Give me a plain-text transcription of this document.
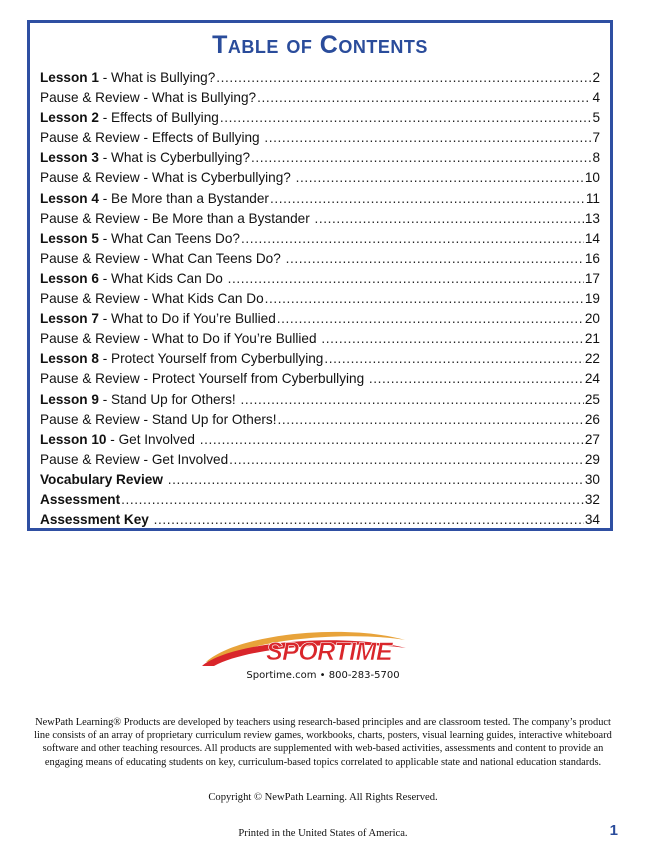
Table of Contents
Lesson 1 - What is Bullying? .....	2
Pause & Review - What is Bullying? .....	4
Lesson 2 - Effects of Bullying .....	5
Pause & Review - Effects of Bullying .....	7
Lesson 3 - What is Cyberbullying? .....	8
Pause & Review - What is Cyberbullying? .....	10
Lesson 4 - Be More than a Bystander .....	11
Pause & Review - Be More than a Bystander .....	13
Lesson 5 - What Can Teens Do? .....	14
Pause & Review - What Can Teens Do? .....	16
Lesson 6 - What Kids Can Do .....	17
Pause & Review - What Kids Can Do .....	19
Lesson 7 - What to Do if You’re Bullied .....	20
Pause & Review - What to Do if You’re Bullied .....	21
Lesson 8 - Protect Yourself from Cyberbullying .....	22
Pause & Review - Protect Yourself from Cyberbullying .....	24
Lesson 9 - Stand Up for Others! .....	25
Pause & Review - Stand Up for Others! .....	26
Lesson 10 - Get Involved .....	27
Pause & Review - Get Involved .....	29
Vocabulary Review .....	30
Assessment .....	32
Assessment Key .....	34
SPORTIME
Sportime.com • 800-283-5700
NewPath Learning® Products are developed by teachers using research-based principles and are classroom tested. The company’s product line consists of an array of proprietary curriculum review games, workbooks, charts, posters, visual learning guides, interactive whiteboard software and other teaching resources. All products are supplemented with web-based activities, assessments and content to provide an engaging means of educating students on key, curriculum-based topics correlated to applicable state and national education standards.
Copyright © NewPath Learning. All Rights Reserved.
Printed in the United States of America.	1
